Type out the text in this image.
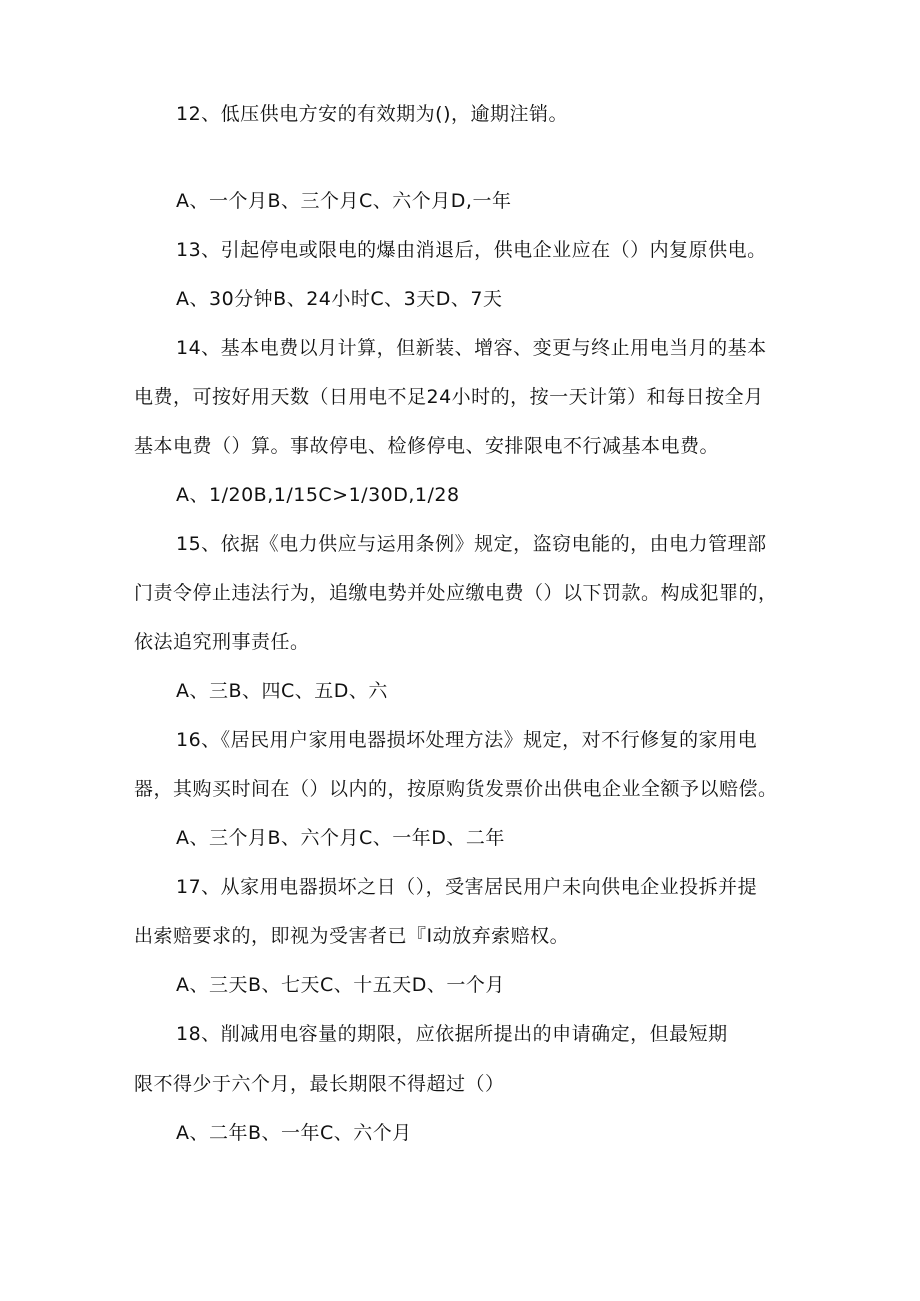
12、低压供电方安的有效期为()，逾期注销。
A、一个月B、三个月C、六个月D,一年
13、引起停电或限电的爆由消退后，供电企业应在（）内复原供电。
A、30分钟B、24小时C、3天D、7天
14、基本电费以月计算，但新装、增容、变更与终止用电当月的基本
电费，可按好用天数（日用电不足24小时的，按一天计第）和每日按全月
基本电费（）算。事故停电、检修停电、安排限电不行减基本电费。
A、1/20B,1/15C>1/30D,1/28
15、依据《电力供应与运用条例》规定，盗窃电能的，由电力管理部
门责令停止违法行为，追缴电势并处应缴电费（）以下罚款。构成犯罪的，
依法追究刑事责任。
A、三B、四C、五D、六
16、《居民用户家用电器损坏处理方法》规定，对不行修复的家用电
器，其购买时间在（）以内的，按原购货发票价出供电企业全额予以赔偿。
A、三个月B、六个月C、一年D、二年
17、从家用电器损坏之日（），受害居民用户未向供电企业投拆并提
出索赔要求的，即视为受害者已『I动放弃索赔权。
A、三天B、七天C、十五天D、一个月
18、削减用电容量的期限，应依据所提出的申请确定，但最短期
限不得少于六个月，最长期限不得超过（）
A、二年B、一年C、六个月
